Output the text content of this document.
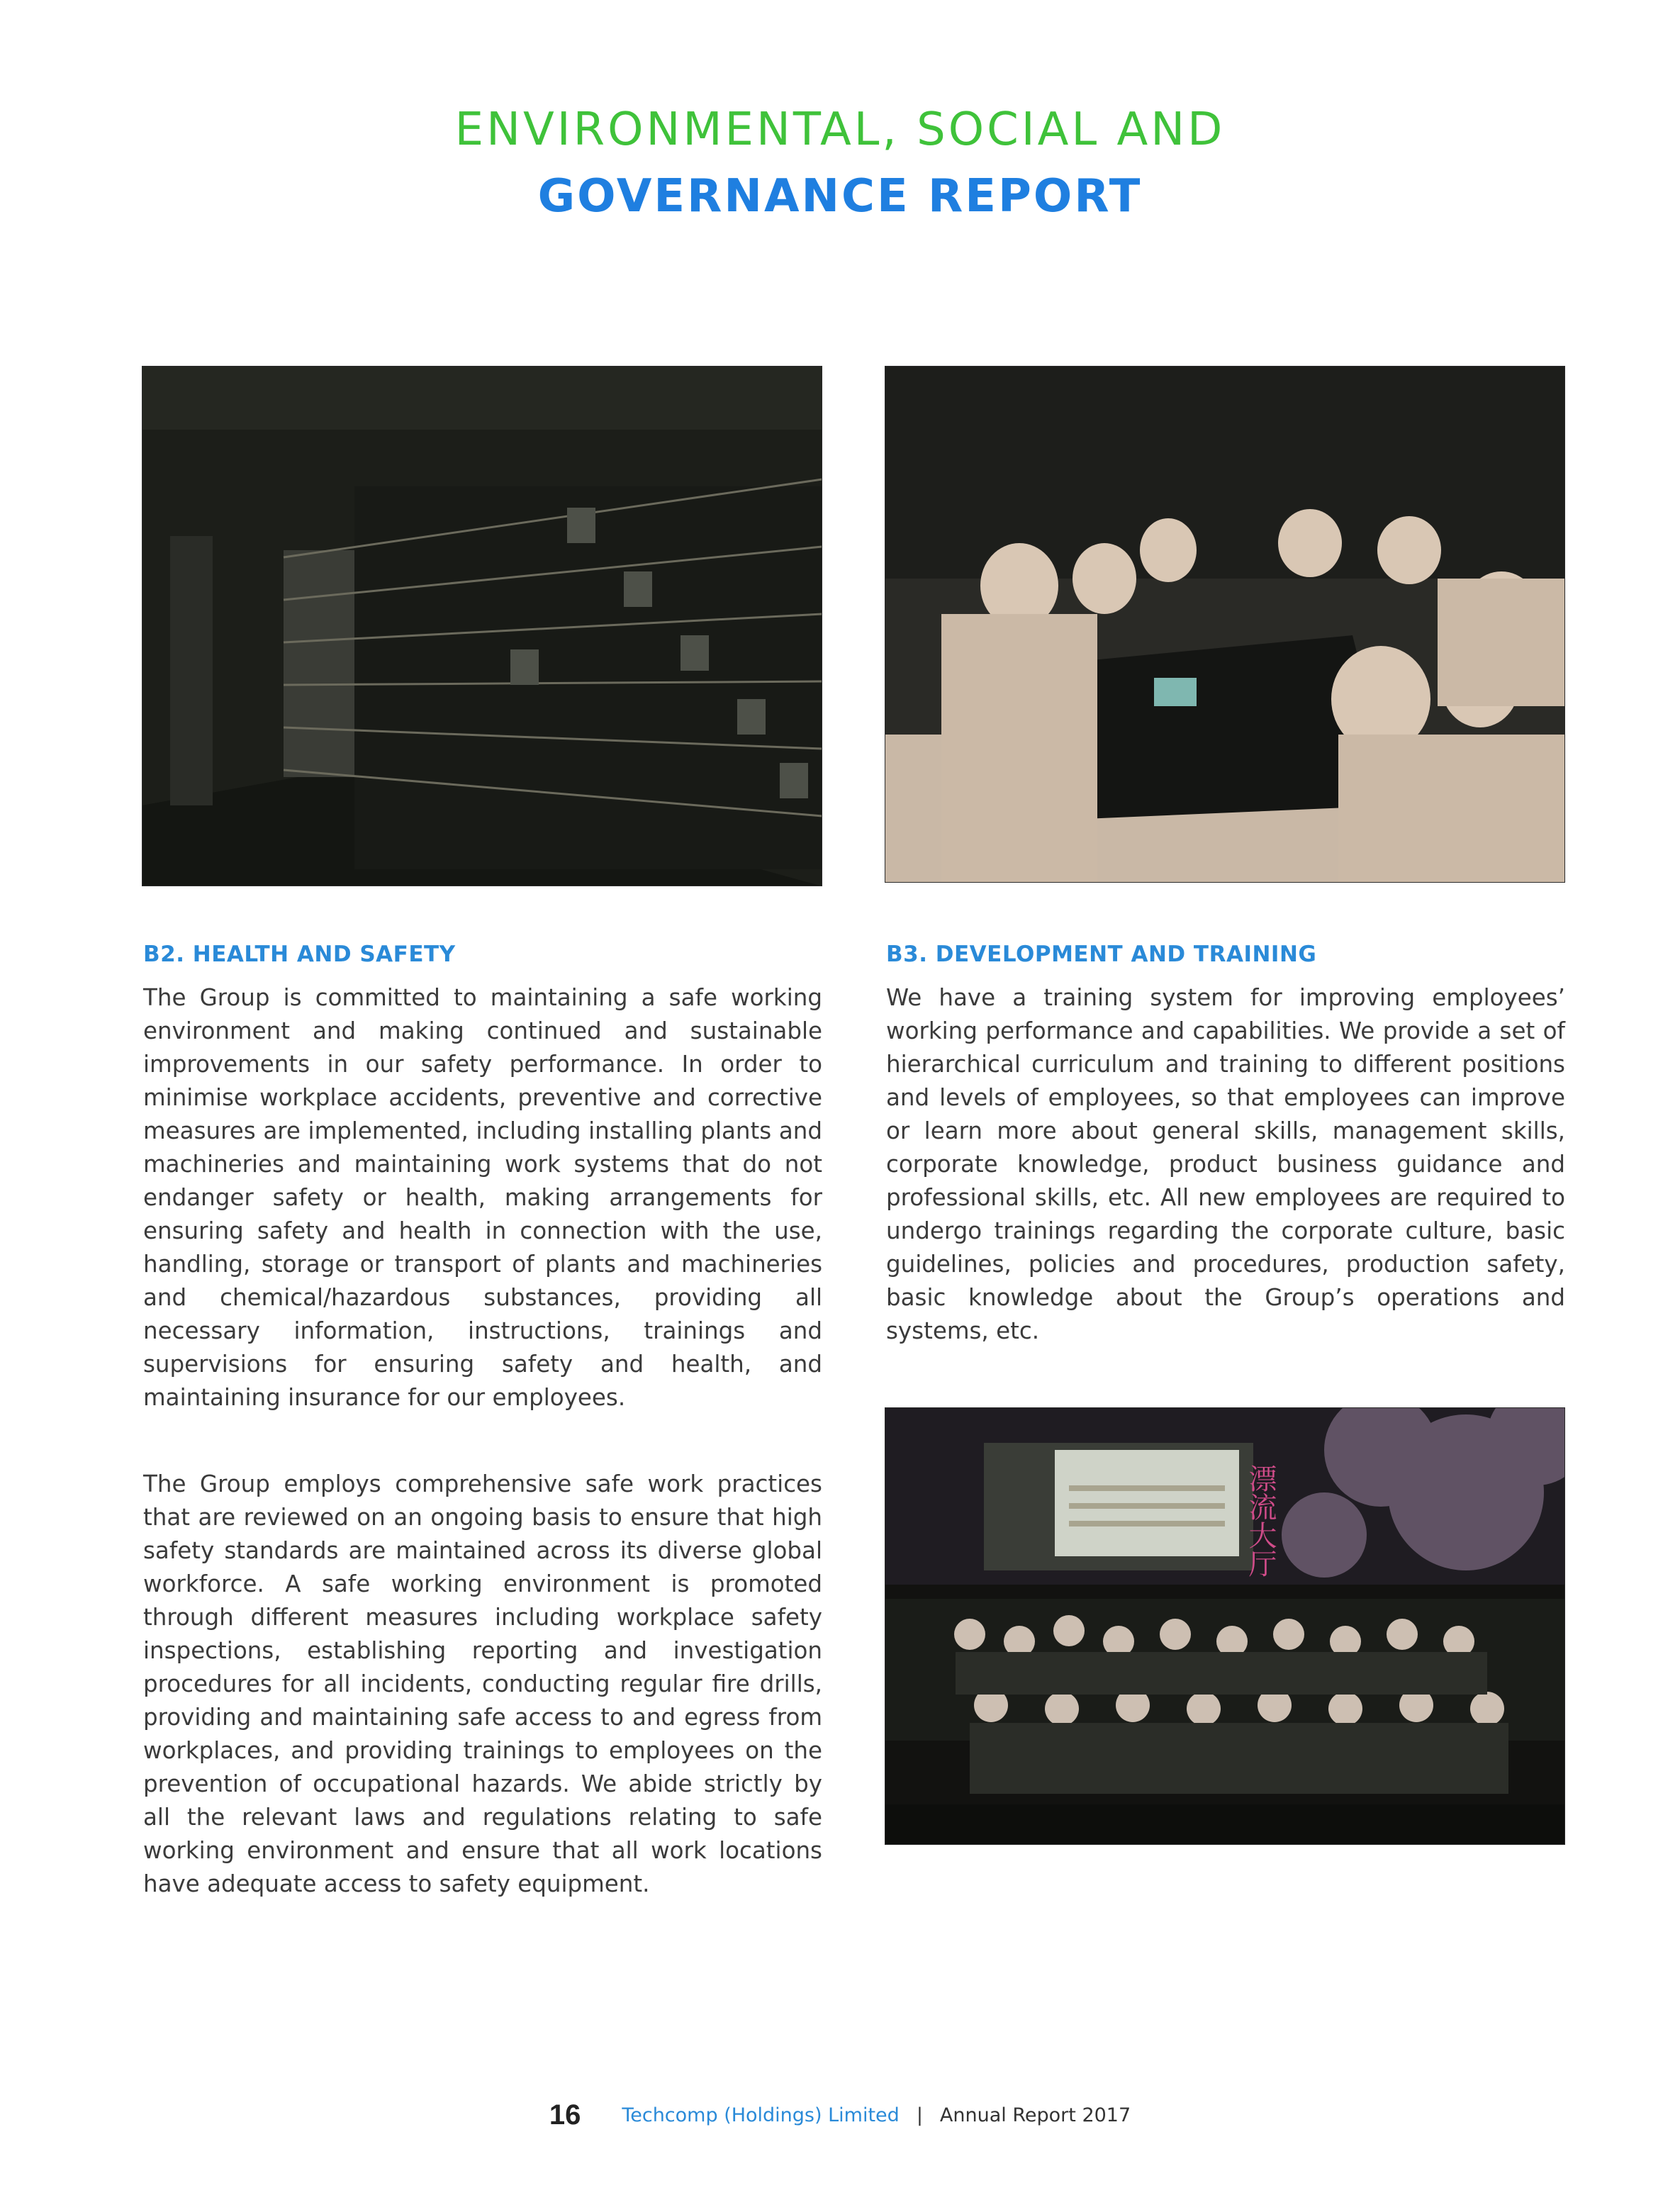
ENVIRONMENTAL, SOCIAL AND
GOVERNANCE REPORT
B2. HEALTH AND SAFETY

The Group is committed to maintaining a safe working environment and making continued and sustainable improvements in our safety performance. In order to minimise workplace accidents, preventive and corrective measures are implemented, including installing plants and machineries and maintaining work systems that do not endanger safety or health, making arrangements for ensuring safety and health in connection with the use, handling, storage or transport of plants and machineries and chemical/hazardous substances, providing all necessary information, instructions, trainings and supervisions for ensuring safety and health, and maintaining insurance for our employees.

The Group employs comprehensive safe work practices that are reviewed on an ongoing basis to ensure that high safety standards are maintained across its diverse global workforce. A safe working environment is promoted through different measures including workplace safety inspections, establishing reporting and investigation procedures for all incidents, conducting regular fire drills, providing and maintaining safe access to and egress from workplaces, and providing trainings to employees on the prevention of occupational hazards. We abide strictly by all the relevant laws and regulations relating to safe working environment and ensure that all work locations have adequate access to safety equipment.

B3. DEVELOPMENT AND TRAINING

We have a training system for improving employees’ working performance and capabilities. We provide a set of hierarchical curriculum and training to different positions and levels of employees, so that employees can improve or learn more about general skills, management skills, corporate knowledge, product business guidance and professional skills, etc. All new employees are required to undergo trainings regarding the corporate culture, basic guidelines, policies and procedures, production safety, basic knowledge about the Group’s operations and systems, etc.

漂流大厅
16 Techcomp (Holdings) Limited | Annual Report 2017
